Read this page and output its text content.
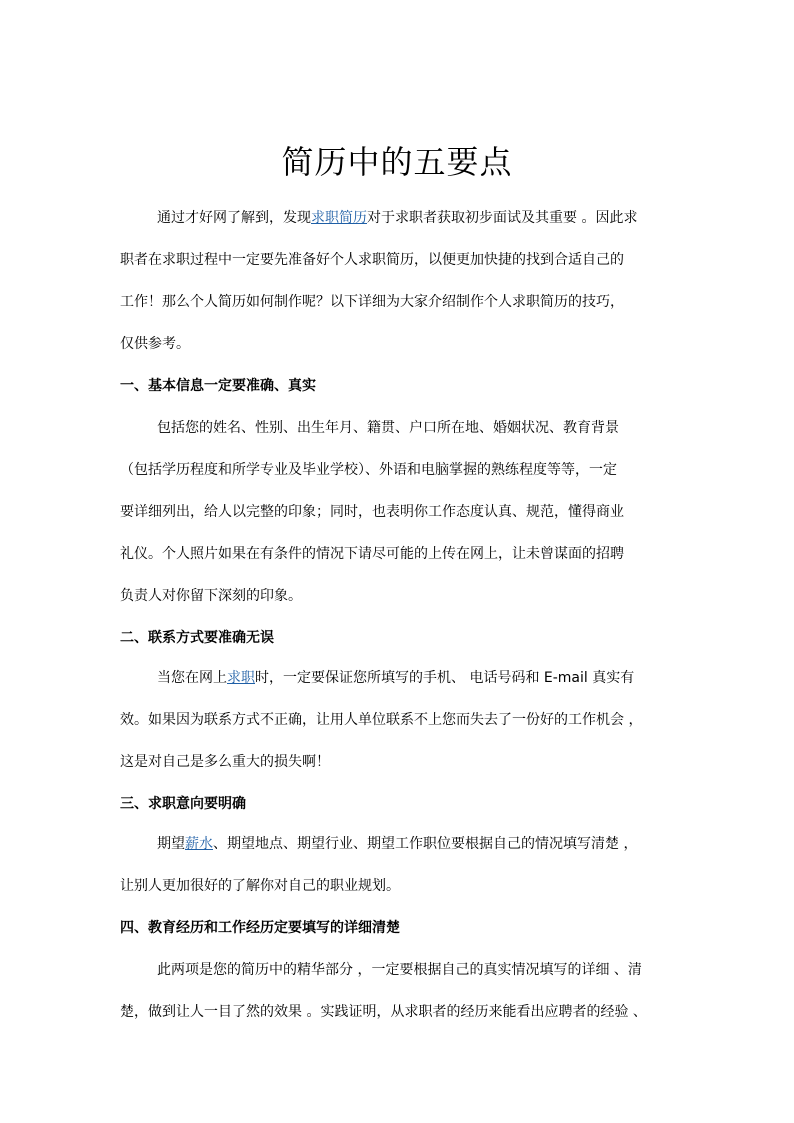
简历中的五要点
通过才好网了解到，发现求职简历对于求职者获取初步面试及其重要 。因此求
职者在求职过程中一定要先准备好个人求职简历，以便更加快捷的找到合适自己的
工作！那么个人简历如何制作呢？以下详细为大家介绍制作个人求职简历的技巧，
仅供参考。
一、基本信息一定要准确、真实
包括您的姓名、性别、出生年月、籍贯、户口所在地、婚姻状况、教育背景
（包括学历程度和所学专业及毕业学校）、外语和电脑掌握的熟练程度等等，一定
要详细列出，给人以完整的印象；同时，也表明你工作态度认真、规范，懂得商业
礼仪。个人照片如果在有条件的情况下请尽可能的上传在网上，让未曾谋面的招聘
负责人对你留下深刻的印象。
二、联系方式要准确无误
当您在网上求职时，一定要保证您所填写的手机、 电话号码和 E-mail 真实有
效。如果因为联系方式不正确，让用人单位联系不上您而失去了一份好的工作机会 ，
这是对自己是多么重大的损失啊！
三、求职意向要明确
期望薪水、期望地点、期望行业、期望工作职位要根据自己的情况填写清楚 ，
让别人更加很好的了解你对自己的职业规划。
四、教育经历和工作经历定要填写的详细清楚
此两项是您的简历中的精华部分 ，一定要根据自己的真实情况填写的详细 、清
楚，做到让人一目了然的效果 。实践证明，从求职者的经历来能看出应聘者的经验 、
